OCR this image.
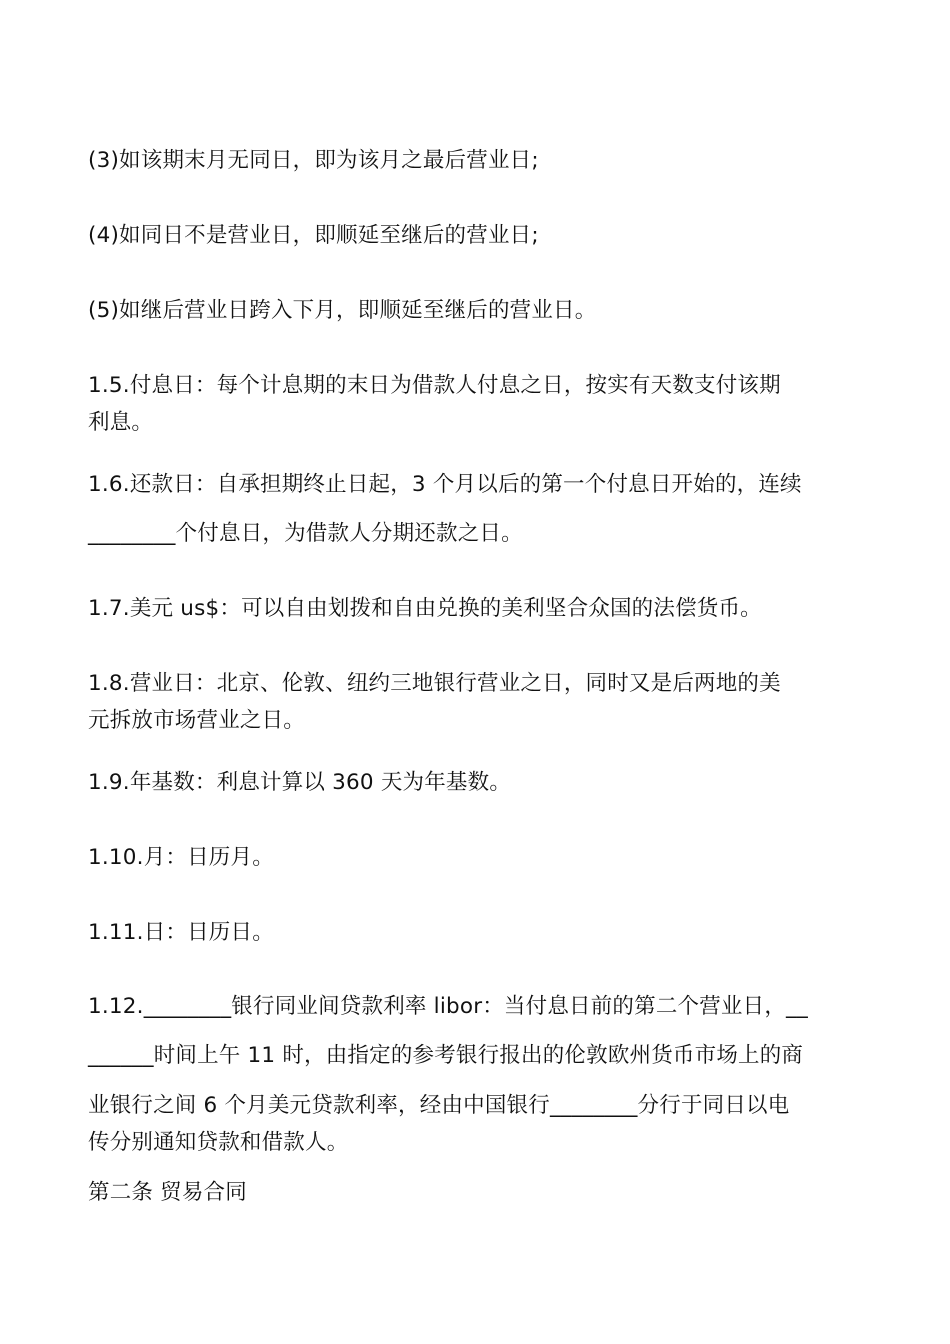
(3)如该期末月无同日，即为该月之最后营业日;
(4)如同日不是营业日，即顺延至继后的营业日;
(5)如继后营业日跨入下月，即顺延至继后的营业日。
1.5.付息日：每个计息期的末日为借款人付息之日，按实有天数支付该期
利息。
1.6.还款日：自承担期终止日起，3 个月以后的第一个付息日开始的，连续
________个付息日，为借款人分期还款之日。
1.7.美元 us$：可以自由划拨和自由兑换的美利坚合众国的法偿货币。
1.8.营业日：北京、伦敦、纽约三地银行营业之日，同时又是后两地的美
元拆放市场营业之日。
1.9.年基数：利息计算以 360 天为年基数。
1.10.月：日历月。
1.11.日：日历日。
1.12.________银行同业间贷款利率 libor：当付息日前的第二个营业日，__
______时间上午 11 时，由指定的参考银行报出的伦敦欧州货币市场上的商
业银行之间 6 个月美元贷款利率，经由中国银行________分行于同日以电
传分别通知贷款和借款人。
第二条 贸易合同
